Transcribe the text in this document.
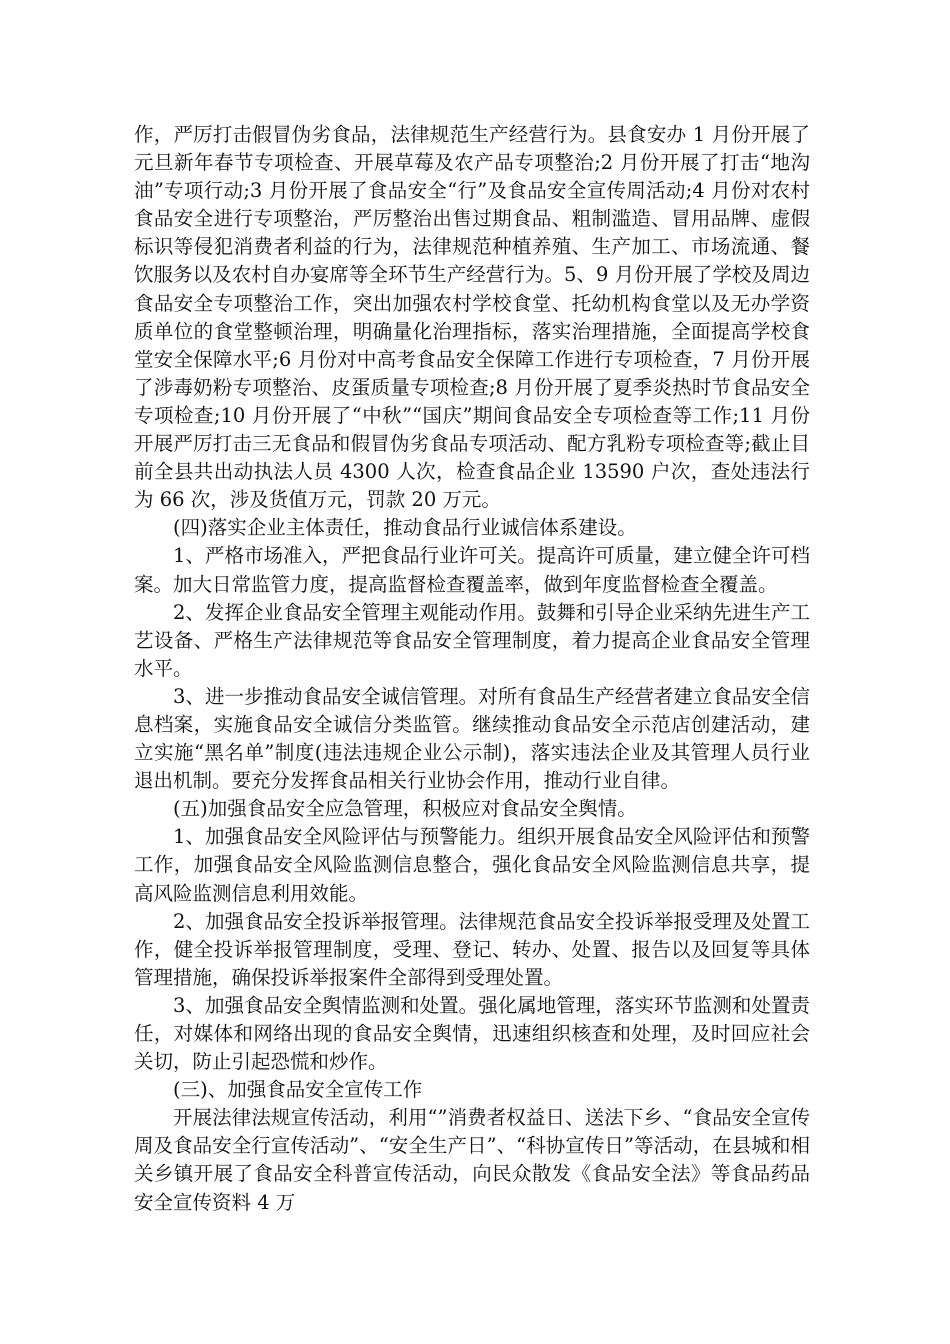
作，严厉打击假冒伪劣食品，法律规范生产经营行为。县食安办 1 月份开展了元旦新年春节专项检查、开展草莓及农产品专项整治;2 月份开展了打击“地沟油”专项行动;3 月份开展了食品安全“行”及食品安全宣传周活动;4 月份对农村食品安全进行专项整治，严厉整治出售过期食品、粗制滥造、冒用品牌、虚假标识等侵犯消费者利益的行为，法律规范种植养殖、生产加工、市场流通、餐饮服务以及农村自办宴席等全环节生产经营行为。5、9 月份开展了学校及周边食品安全专项整治工作，突出加强农村学校食堂、托幼机构食堂以及无办学资质单位的食堂整顿治理，明确量化治理指标，落实治理措施，全面提高学校食堂安全保障水平;6 月份对中高考食品安全保障工作进行专项检查，7 月份开展了涉毒奶粉专项整治、皮蛋质量专项检查;8 月份开展了夏季炎热时节食品安全专项检查;10 月份开展了“中秋”“国庆”期间食品安全专项检查等工作;11 月份开展严厉打击三无食品和假冒伪劣食品专项活动、配方乳粉专项检查等;截止目前全县共出动执法人员 4300 人次，检查食品企业 13590 户次，查处违法行为 66 次，涉及货值万元，罚款 20 万元。

(四)落实企业主体责任，推动食品行业诚信体系建设。

1、严格市场准入，严把食品行业许可关。提高许可质量，建立健全许可档案。加大日常监管力度，提高监督检查覆盖率，做到年度监督检查全覆盖。

2、发挥企业食品安全管理主观能动作用。鼓舞和引导企业采纳先进生产工艺设备、严格生产法律规范等食品安全管理制度，着力提高企业食品安全管理水平。

3、进一步推动食品安全诚信管理。对所有食品生产经营者建立食品安全信息档案，实施食品安全诚信分类监管。继续推动食品安全示范店创建活动，建立实施“黑名单”制度(违法违规企业公示制)，落实违法企业及其管理人员行业退出机制。要充分发挥食品相关行业协会作用，推动行业自律。

(五)加强食品安全应急管理，积极应对食品安全舆情。

1、加强食品安全风险评估与预警能力。组织开展食品安全风险评估和预警工作，加强食品安全风险监测信息整合，强化食品安全风险监测信息共享，提高风险监测信息利用效能。

2、加强食品安全投诉举报管理。法律规范食品安全投诉举报受理及处置工作，健全投诉举报管理制度，受理、登记、转办、处置、报告以及回复等具体管理措施，确保投诉举报案件全部得到受理处置。

3、加强食品安全舆情监测和处置。强化属地管理，落实环节监测和处置责任，对媒体和网络出现的食品安全舆情，迅速组织核查和处理，及时回应社会关切，防止引起恐慌和炒作。

(三)、加强食品安全宣传工作

开展法律法规宣传活动，利用“”消费者权益日、送法下乡、“食品安全宣传周及食品安全行宣传活动”、“安全生产日”、“科协宣传日”等活动，在县城和相关乡镇开展了食品安全科普宣传活动，向民众散发《食品安全法》等食品药品安全宣传资料 4 万
